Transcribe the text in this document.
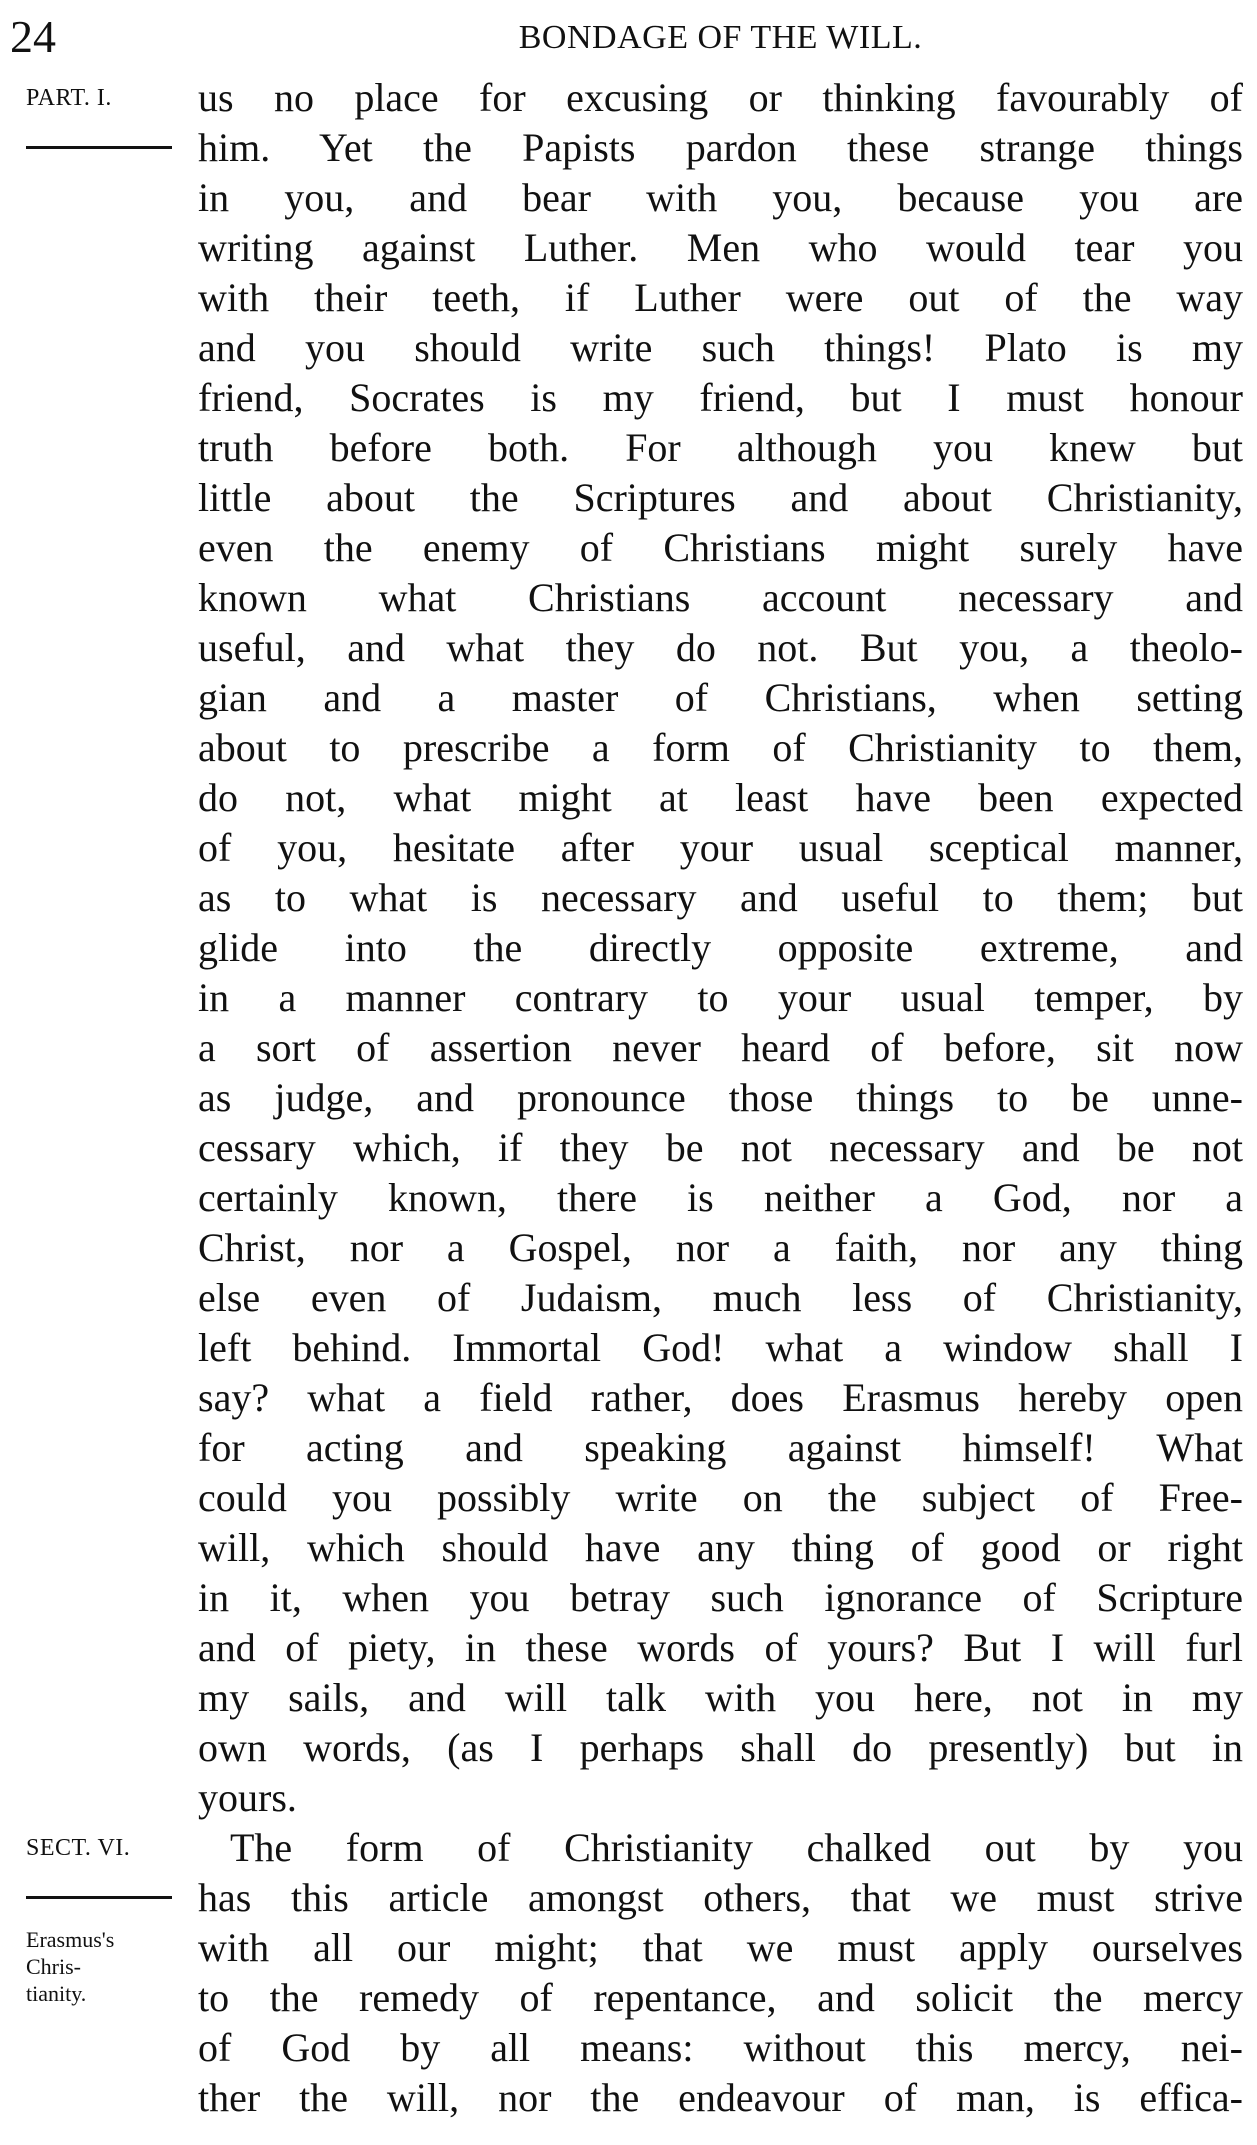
24	BONDAGE OF THE WILL.
PART. I.
SECT. VI.
Erasmus's
Chris-
tianity.
us no place for excusing or thinking favourably of
him. Yet the Papists pardon these strange things
in you, and bear with you, because you are
writing against Luther. Men who would tear you
with their teeth, if Luther were out of the way
and you should write such things! Plato is my
friend, Socrates is my friend, but I must honour
truth before both. For although you knew but
little about the Scriptures and about Christianity,
even the enemy of Christians might surely have
known what Christians account necessary and
useful, and what they do not. But you, a theolo-
gian and a master of Christians, when setting
about to prescribe a form of Christianity to them,
do not, what might at least have been expected
of you, hesitate after your usual sceptical manner,
as to what is necessary and useful to them; but
glide into the directly opposite extreme, and
in a manner contrary to your usual temper, by
a sort of assertion never heard of before, sit now
as judge, and pronounce those things to be unne-
cessary which, if they be not necessary and be not
certainly known, there is neither a God, nor a
Christ, nor a Gospel, nor a faith, nor any thing
else even of Judaism, much less of Christianity,
left behind. Immortal God! what a window shall I
say? what a field rather, does Erasmus hereby open
for acting and speaking against himself! What
could you possibly write on the subject of Free-
will, which should have any thing of good or right
in it, when you betray such ignorance of Scripture
and of piety, in these words of yours? But I will furl
my sails, and will talk with you here, not in my
own words, (as I perhaps shall do presently) but in
yours.
The form of Christianity chalked out by you
has this article amongst others, that we must strive
with all our might; that we must apply ourselves
to the remedy of repentance, and solicit the mercy
of God by all means: without this mercy, nei-
ther the will, nor the endeavour of man, is effica-
